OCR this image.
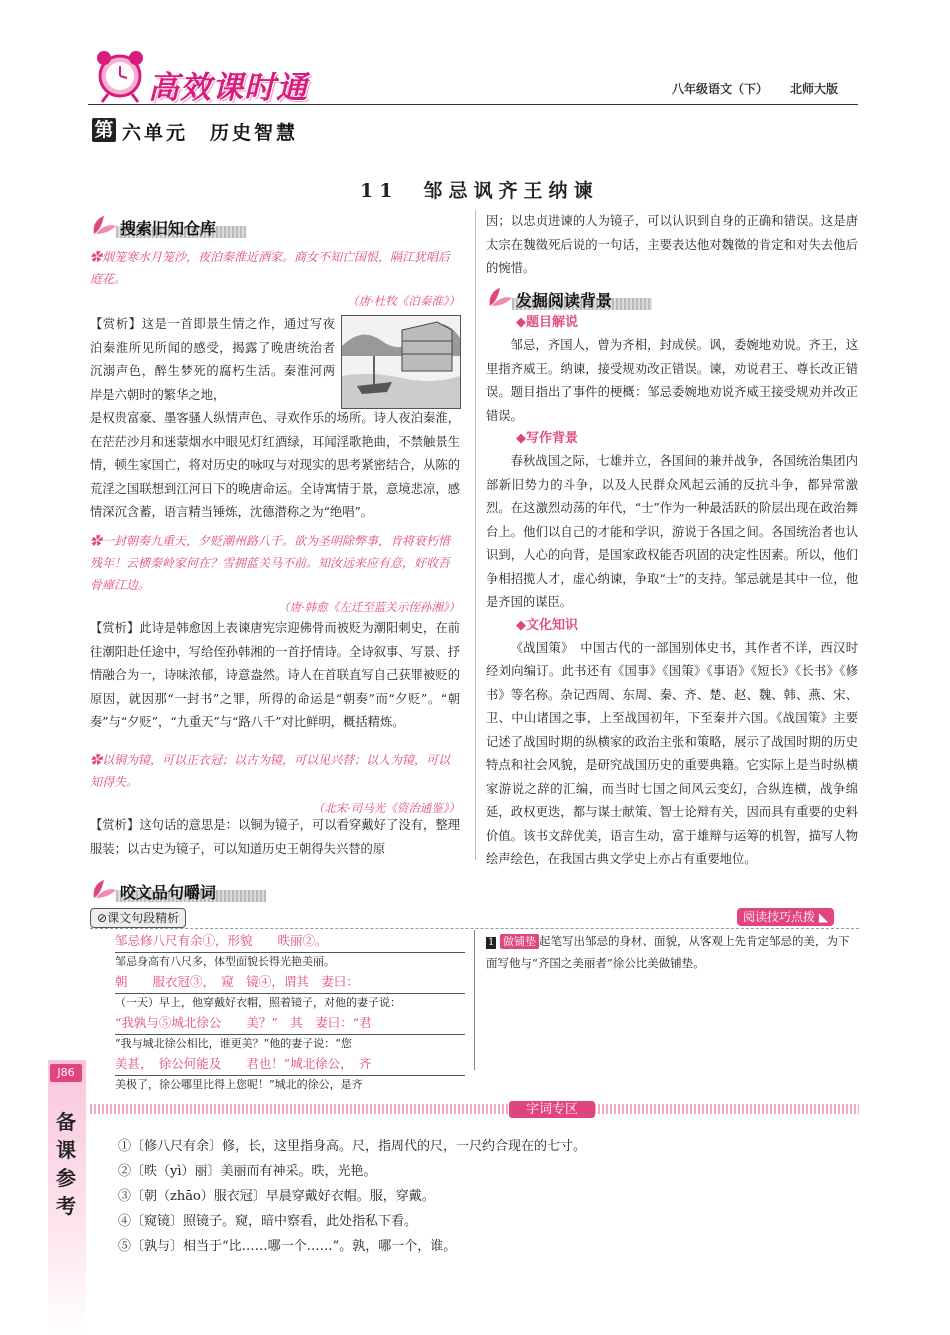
高效课时通	八年级语文（下） 北师大版
第 六单元　历史智慧
11　邹忌讽齐王纳谏
搜索旧知仓库

✿烟笼寒水月笼沙，夜泊秦淮近酒家。商女不知亡国恨，隔江犹唱后庭花。

（唐·杜牧《泊秦淮》）

【赏析】这是一首即景生情之作，通过写夜泊秦淮所见所闻的感受，揭露了晚唐统治者沉溺声色，醉生梦死的腐朽生活。秦淮河两岸是六朝时的繁华之地，

是权贵富豪、墨客骚人纵情声色、寻欢作乐的场所。诗人夜泊秦淮，在茫茫沙月和迷蒙烟水中眼见灯红酒绿，耳闻淫歌艳曲，不禁触景生情，顿生家国亡，将对历史的咏叹与对现实的思考紧密结合，从陈的荒淫之国联想到江河日下的晚唐命运。全诗寓情于景，意境悲凉，感情深沉含蓄，语言精当锤炼，沈德潜称之为“绝唱”。

✿一封朝奏九重天，夕贬潮州路八千。欲为圣明除弊事，肯将衰朽惜残年！云横秦岭家何在？雪拥蓝关马不前。知汝远来应有意，好收吾骨瘴江边。

（唐·韩愈《左迁至蓝关示侄孙湘》）

【赏析】此诗是韩愈因上表谏唐宪宗迎佛骨而被贬为潮阳刺史，在前往潮阳赴任途中，写给侄孙韩湘的一首抒情诗。全诗叙事、写景、抒情融合为一，诗味浓郁，诗意盎然。诗人在首联直写自己获罪被贬的原因，就因那“一封书”之罪，所得的命运是“朝奏”而“夕贬”。“朝奏”与“夕贬”，“九重天”与“路八千”对比鲜明，概括精炼。

✿以铜为镜，可以正衣冠；以古为镜，可以见兴替；以人为镜，可以知得失。

（北宋·司马光《资治通鉴》）

【赏析】这句话的意思是：以铜为镜子，可以看穿戴好了没有，整理服装；以古史为镜子，可以知道历史王朝得失兴替的原

因；以忠贞进谏的人为镜子，可以认识到自身的正确和错误。这是唐太宗在魏徵死后说的一句话，主要表达他对魏徵的肯定和对失去他后的惋惜。

发掘阅读背景

◆题目解说

邹忌，齐国人，曾为齐相，封成侯。讽，委婉地劝说。齐王，这里指齐威王。纳谏，接受规劝改正错误。谏，劝说君王、尊长改正错误。题目指出了事件的梗概：邹忌委婉地劝说齐威王接受规劝并改正错误。

◆写作背景

春秋战国之际，七雄并立，各国间的兼并战争，各国统治集团内部新旧势力的斗争，以及人民群众风起云涌的反抗斗争，都异常激烈。在这激烈动荡的年代，“士”作为一种最活跃的阶层出现在政治舞台上。他们以自己的才能和学识，游说于各国之间。各国统治者也认识到，人心的向背，是国家政权能否巩固的决定性因素。所以，他们争相招揽人才，虚心纳谏，争取“士”的支持。邹忌就是其中一位，他是齐国的谋臣。

◆文化知识

《战国策》　中国古代的一部国别体史书，其作者不详，西汉时经刘向编订。此书还有《国事》《国策》《事语》《短长》《长书》《修书》等名称。杂记西周、东周、秦、齐、楚、赵、魏、韩、燕、宋、卫、中山诸国之事，上至战国初年，下至秦并六国。《战国策》主要记述了战国时期的纵横家的政治主张和策略，展示了战国时期的历史特点和社会风貌，是研究战国历史的重要典籍。它实际上是当时纵横家游说之辞的汇编，而当时七国之间风云变幻，合纵连横，战争绵延，政权更迭，都与谋士献策、智士论辩有关，因而具有重要的史料价值。该书文辞优美，语言生动，富于雄辩与运筹的机智，描写人物绘声绘色，在我国古典文学史上亦占有重要地位。

咬文品句嚼词
⊘课文句段精析	阅读技巧点拨 ◣

邹忌修八尺有余①，形貌　　昳丽②。

邹忌身高有八尺多，体型面貌长得光艳美丽。

朝　　服衣冠③，　窥　镜④，谓其　妻曰：

（一天）早上，他穿戴好衣帽，照着镜子，对他的妻子说：

“我孰与⑤城北徐公　　美？”　其　妻曰：“君

“我与城北徐公相比，谁更美？”他的妻子说：“您

美甚，　徐公何能及　　君也！”城北徐公，　齐

美极了，徐公哪里比得上您呢！”城北的徐公，是齐

1 做铺垫 起笔写出邹忌的身材、面貌，从客观上先肯定邹忌的美，为下面写他与“齐国之美丽者”徐公比美做铺垫。
J86
备课参考
字词专区

①〔修八尺有余〕修，长，这里指身高。尺，指周代的尺，一尺约合现在的七寸。

②〔昳（yì）丽〕美丽而有神采。昳，光艳。

③〔朝（zhāo）服衣冠〕早晨穿戴好衣帽。服，穿戴。

④〔窥镜〕照镜子。窥，暗中察看，此处指私下看。

⑤〔孰与〕相当于“比……哪一个……”。孰，哪一个，谁。
